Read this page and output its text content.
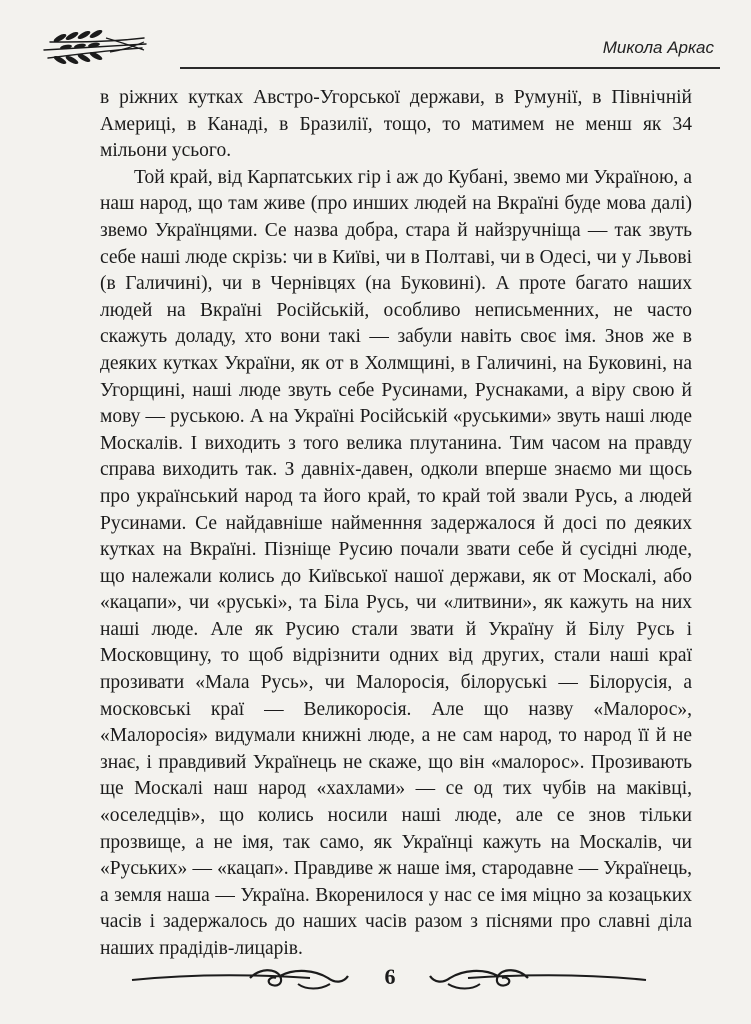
Микола Аркас

в ріжних кутках Австро-Угорської держави, в Румунії, в Північній Америці, в Канаді, в Бразилії, тощо, то матимем не менш як 34 мільони усього.

Той край, від Карпатських гір і аж до Кубані, звемо ми Україною, а наш народ, що там живе (про инших людей на Вкраїні буде мова далі) звемо Українцями. Се назва добра, стара й найзручніща — так звуть себе наші люде скрізь: чи в Київі, чи в Полтаві, чи в Одесі, чи у Львові (в Галичині), чи в Чернівцях (на Буковині). А проте багато наших людей на Вкраїні Російській, особливо неписьменних, не часто скажуть доладу, хто вони такі — забули навіть своє імя. Знов же в деяких кутках України, як от в Холмщині, в Галичині, на Буковині, на Угорщині, наші люде звуть себе Русинами, Руснаками, а віру свою й мову — руською. А на Україні Російській «руськими» звуть наші люде Москалів. І виходить з того велика плутанина. Тим часом на правду справа виходить так. З давніх-давен, одколи вперше знаємо ми щось про український народ та його край, то край той звали Русь, а людей Русинами. Се найдавніше найменння задержалося й досі по деяких кутках на Вкраїні. Пізніще Русию почали звати себе й сусідні люде, що належали колись до Київської нашої держави, як от Москалі, або «кацапи», чи «руські», та Біла Русь, чи «литвини», як кажуть на них наші люде. Але як Русию стали звати й Україну й Білу Русь і Московщину, то щоб відрізнити одних від других, стали наші краї прозивати «Мала Русь», чи Малоросія, білоруські — Білорусія, а московські краї — Великоросія. Але що назву «Малорос», «Малоросія» видумали книжні люде, а не сам народ, то народ її й не знає, і правдивий Українець не скаже, що він «малорос». Прозивають ще Москалі наш народ «хахлами» — се од тих чубів на маківці, «оселедців», що колись носили наші люде, але се знов тільки прозвище, а не імя, так само, як Українці кажуть на Москалів, чи «Руських» — «кацап». Правдиве ж наше імя, стародавне — Українець, а земля наша — Україна. Вкоренилося у нас се імя міцно за козацьких часів і задержалось до наших часів разом з піснями про славні діла наших прадідів-лицарів.

6
